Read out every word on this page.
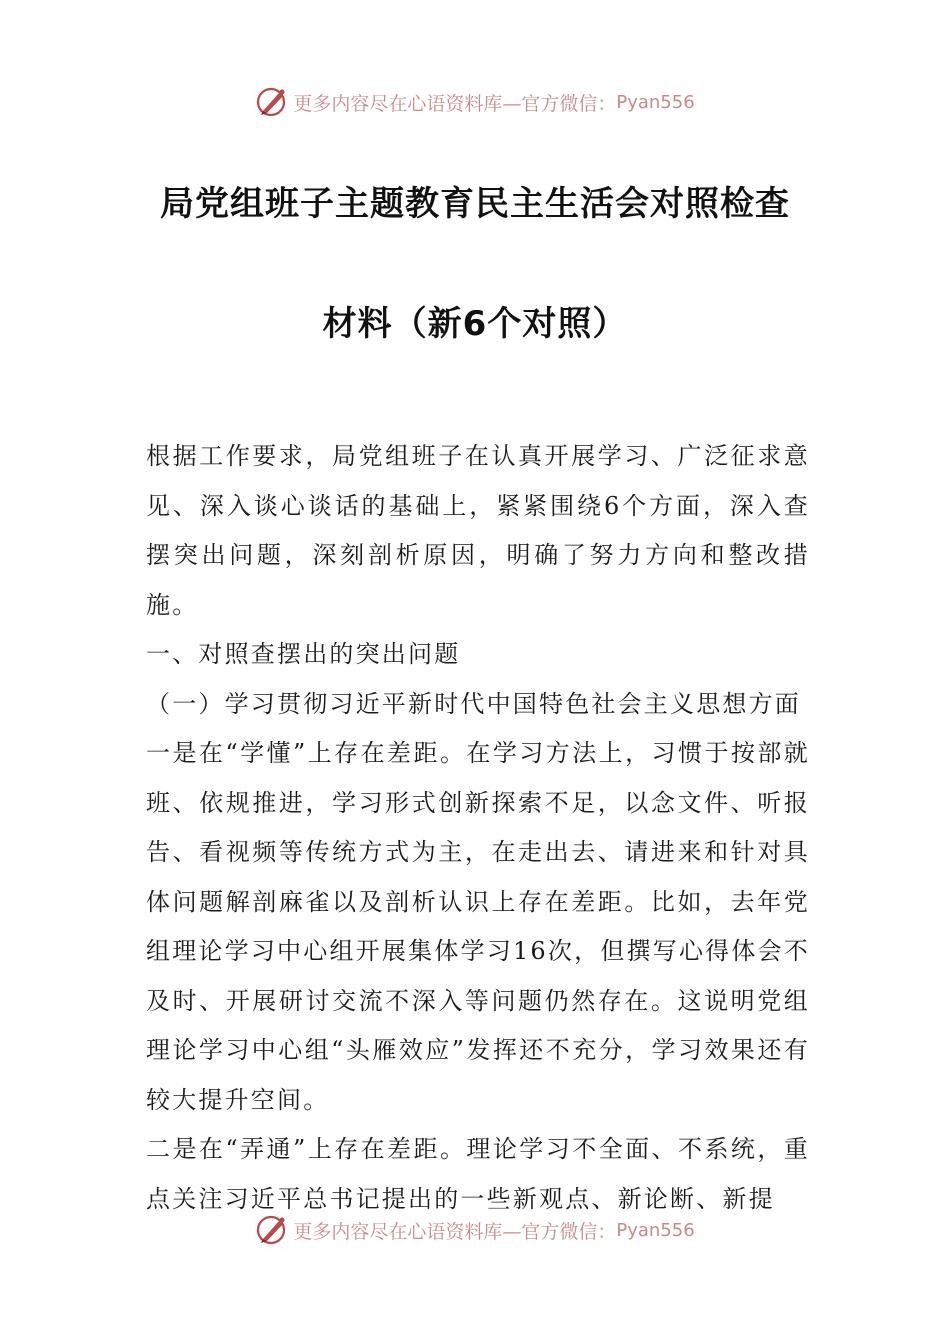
更多内容尽在心语资料库—官方微信： Pyan556
局党组班子主题教育民主生活会对照检查
材料（新6个对照）

根据工作要求，局党组班子在认真开展学习、广泛征求意见、深入谈心谈话的基础上，紧紧围绕6个方面，深入查摆突出问题，深刻剖析原因，明确了努力方向和整改措施。

一、对照查摆出的突出问题

（一）学习贯彻习近平新时代中国特色社会主义思想方面

一是在“学懂”上存在差距。在学习方法上，习惯于按部就班、依规推进，学习形式创新探索不足，以念文件、听报告、看视频等传统方式为主，在走出去、请进来和针对具体问题解剖麻雀以及剖析认识上存在差距。比如，去年党组理论学习中心组开展集体学习16次，但撰写心得体会不及时、开展研讨交流不深入等问题仍然存在。这说明党组理论学习中心组“头雁效应”发挥还不充分，学习效果还有较大提升空间。

二是在“弄通”上存在差距。理论学习不全面、不系统，重点关注习近平总书记提出的一些新观点、新论断、新提

更多内容尽在心语资料库—官方微信： Pyan556
